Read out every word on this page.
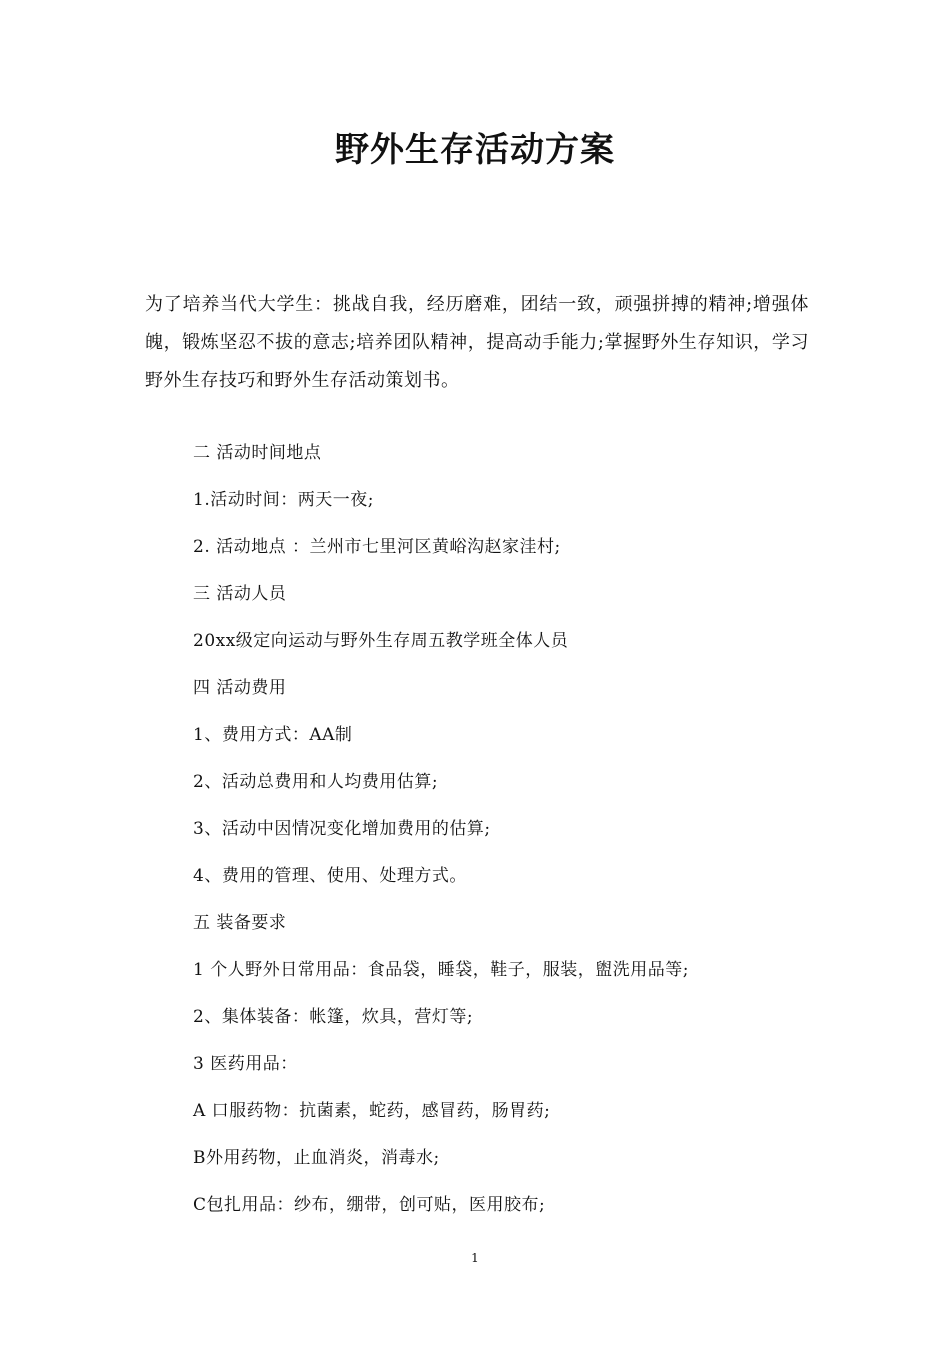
野外生存活动方案

为了培养当代大学生：挑战自我，经历磨难，团结一致，顽强拼搏的精神;增强体魄，锻炼坚忍不拔的意志;培养团队精神，提高动手能力;掌握野外生存知识，学习野外生存技巧和野外生存活动策划书。

二 活动时间地点
1.活动时间：两天一夜;
2. 活动地点 ：兰州市七里河区黄峪沟赵家洼村;
三 活动人员
20xx级定向运动与野外生存周五教学班全体人员
四 活动费用
1、费用方式：AA制
2、活动总费用和人均费用估算;
3、活动中因情况变化增加费用的估算;
4、费用的管理、使用、处理方式。
五 装备要求
1 个人野外日常用品：食品袋，睡袋，鞋子，服装，盥洗用品等;
2、集体装备：帐篷，炊具，营灯等;
3 医药用品：
A 口服药物：抗菌素，蛇药，感冒药，肠胃药;
B外用药物，止血消炎，消毒水;
C包扎用品：纱布，绷带，创可贴，医用胶布;
1
